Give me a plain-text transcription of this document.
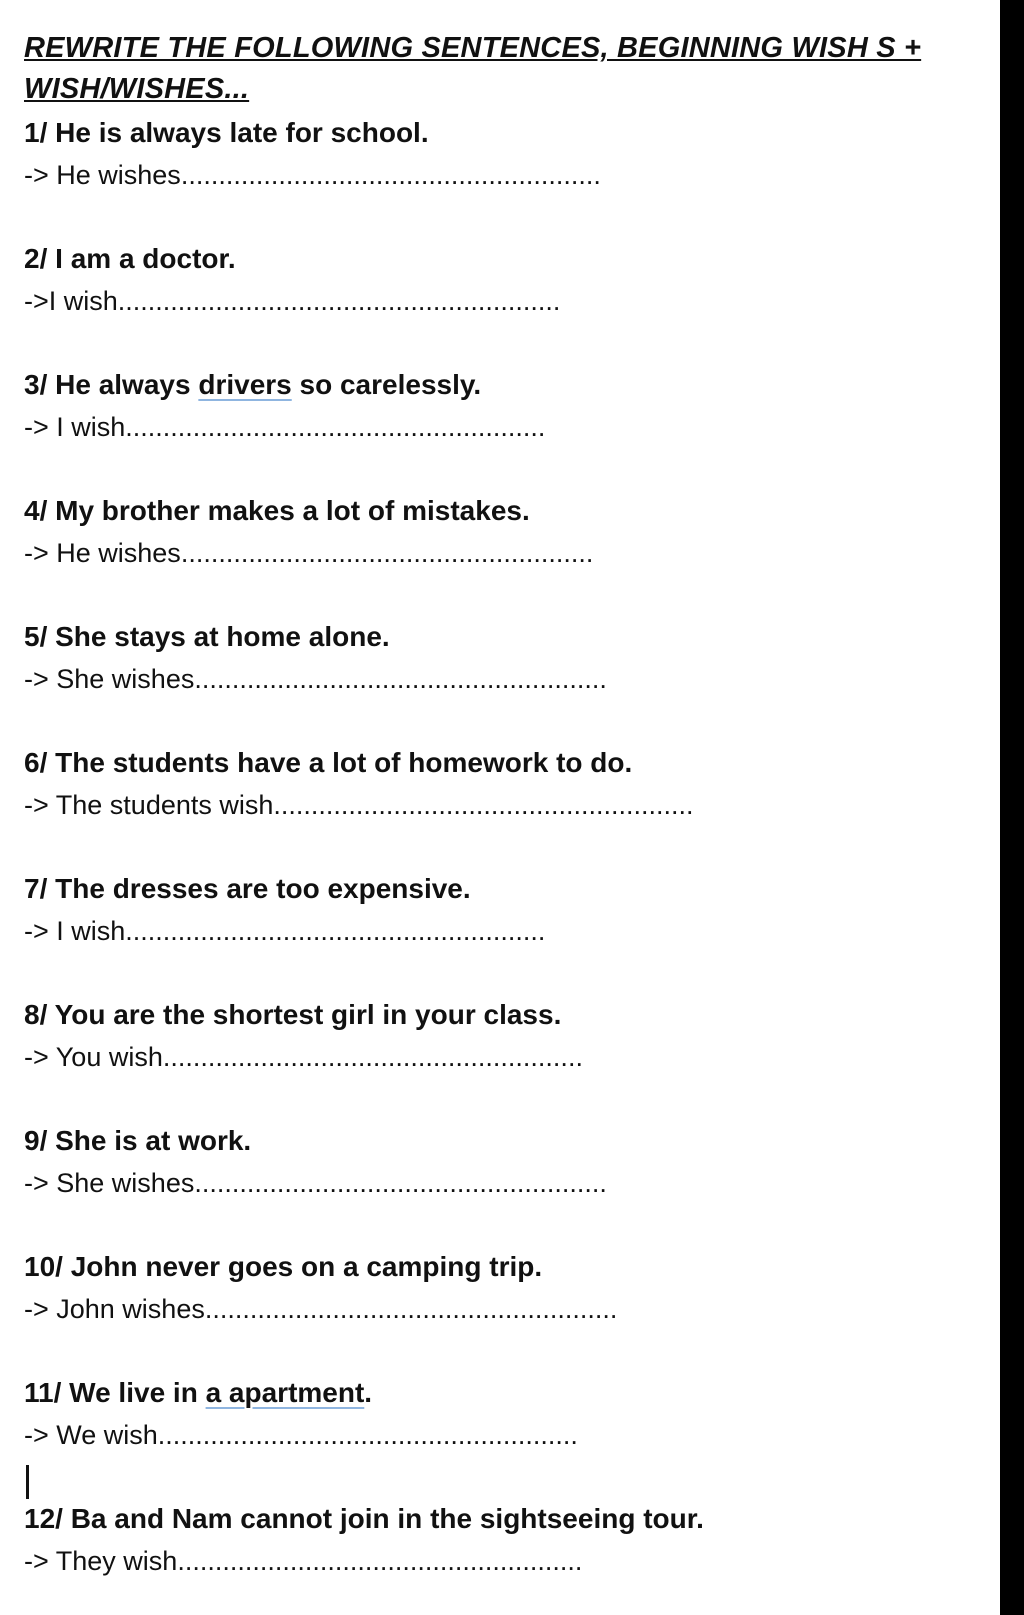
REWRITE THE FOLLOWING SENTENCES, BEGINNING WISH S + WISH/WISHES...
1/ He is always late for school.
-> He wishes........................................................
2/ I am a doctor.
->I wish...........................................................
3/ He always drivers so carelessly.
-> I wish........................................................
4/ My brother makes a lot of mistakes.
-> He wishes.......................................................
5/ She stays at home alone.
-> She wishes.......................................................
6/ The students have a lot of homework to do.
-> The students wish........................................................
7/ The dresses are too expensive.
-> I wish........................................................
8/ You are the shortest girl in your class.
-> You wish........................................................
9/ She is at work.
-> She wishes.......................................................
10/ John never goes on a camping trip.
-> John wishes.......................................................
11/ We live in a apartment.
-> We wish........................................................
12/ Ba and Nam cannot join in the sightseeing tour.
-> They wish......................................................
